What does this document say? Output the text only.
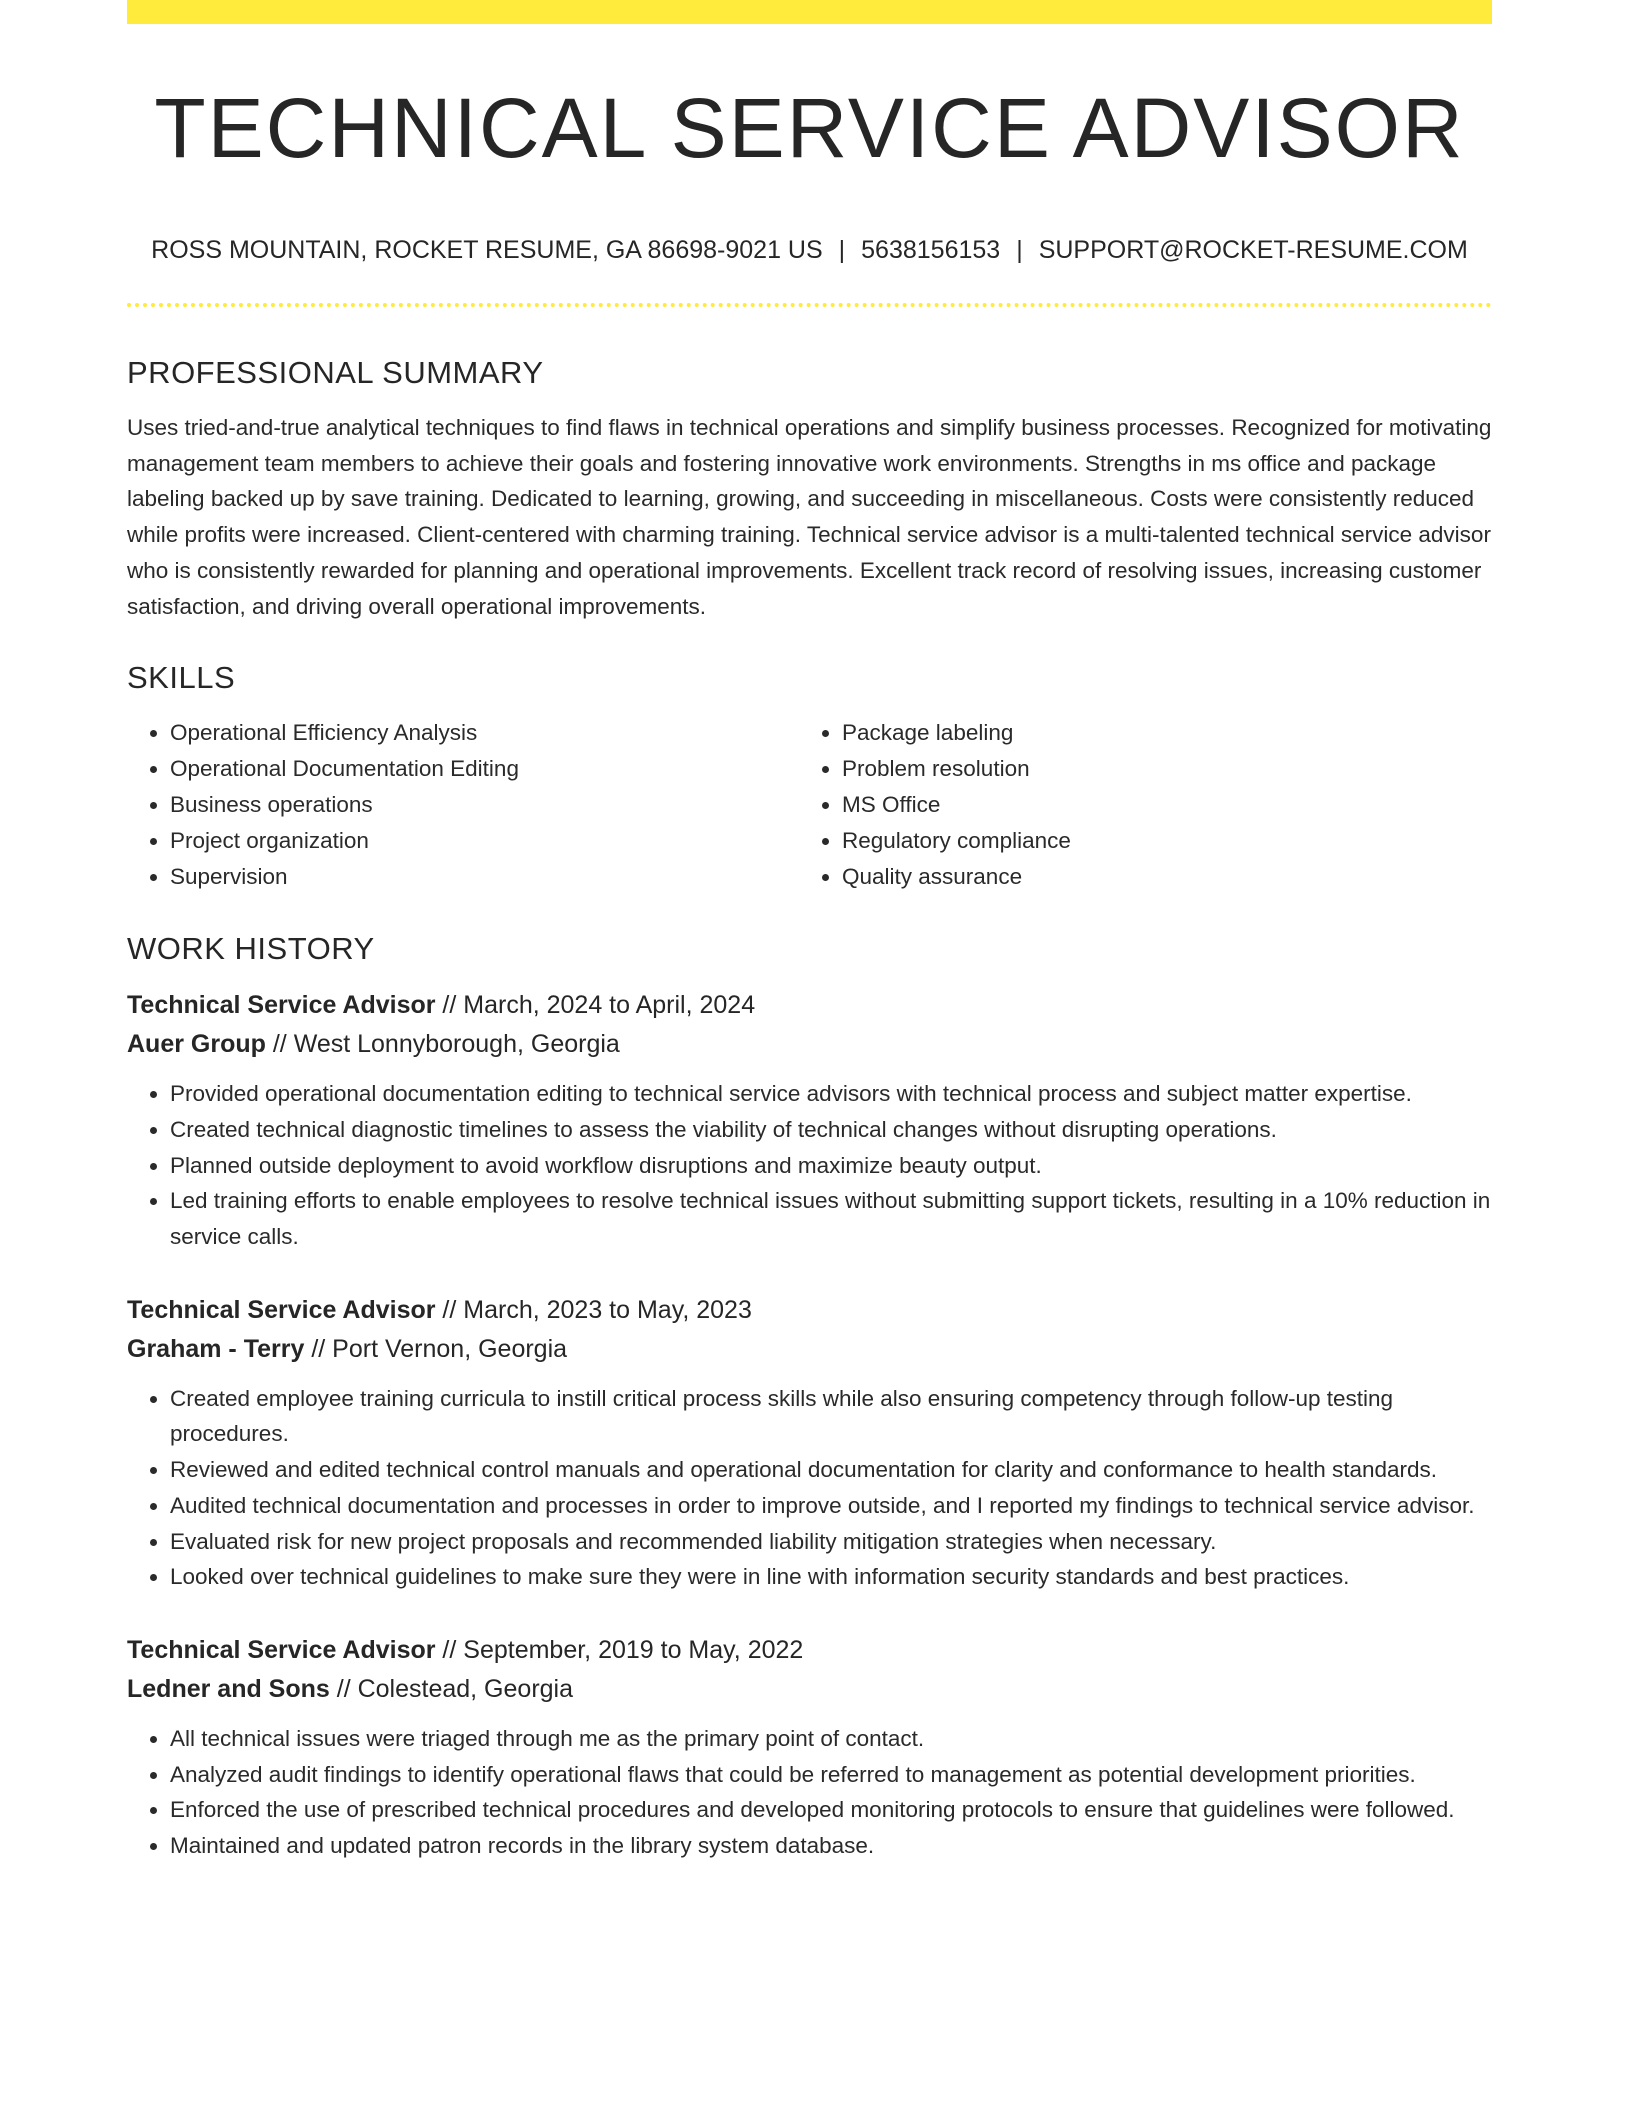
TECHNICAL SERVICE ADVISOR
ROSS MOUNTAIN, ROCKET RESUME, GA 86698-9021 US | 5638156153 | SUPPORT@ROCKET-RESUME.COM
PROFESSIONAL SUMMARY

Uses tried-and-true analytical techniques to find flaws in technical operations and simplify business processes. Recognized for motivating management team members to achieve their goals and fostering innovative work environments. Strengths in ms office and package labeling backed up by save training. Dedicated to learning, growing, and succeeding in miscellaneous. Costs were consistently reduced while profits were increased. Client-centered with charming training. Technical service advisor is a multi-talented technical service advisor who is consistently rewarded for planning and operational improvements. Excellent track record of resolving issues, increasing customer satisfaction, and driving overall operational improvements.

SKILLS
• Operational Efficiency Analysis
• Operational Documentation Editing
• Business operations
• Project organization
• Supervision
• Package labeling
• Problem resolution
• MS Office
• Regulatory compliance
• Quality assurance
WORK HISTORY
Technical Service Advisor // March, 2024 to April, 2024
Auer Group // West Lonnyborough, Georgia
• Provided operational documentation editing to technical service advisors with technical process and subject matter expertise.
• Created technical diagnostic timelines to assess the viability of technical changes without disrupting operations.
• Planned outside deployment to avoid workflow disruptions and maximize beauty output.
• Led training efforts to enable employees to resolve technical issues without submitting support tickets, resulting in a 10% reduction in service calls.
Technical Service Advisor // March, 2023 to May, 2023
Graham - Terry // Port Vernon, Georgia
• Created employee training curricula to instill critical process skills while also ensuring competency through follow-up testing procedures.
• Reviewed and edited technical control manuals and operational documentation for clarity and conformance to health standards.
• Audited technical documentation and processes in order to improve outside, and I reported my findings to technical service advisor.
• Evaluated risk for new project proposals and recommended liability mitigation strategies when necessary.
• Looked over technical guidelines to make sure they were in line with information security standards and best practices.
Technical Service Advisor // September, 2019 to May, 2022
Ledner and Sons // Colestead, Georgia
• All technical issues were triaged through me as the primary point of contact.
• Analyzed audit findings to identify operational flaws that could be referred to management as potential development priorities.
• Enforced the use of prescribed technical procedures and developed monitoring protocols to ensure that guidelines were followed.
• Maintained and updated patron records in the library system database.
